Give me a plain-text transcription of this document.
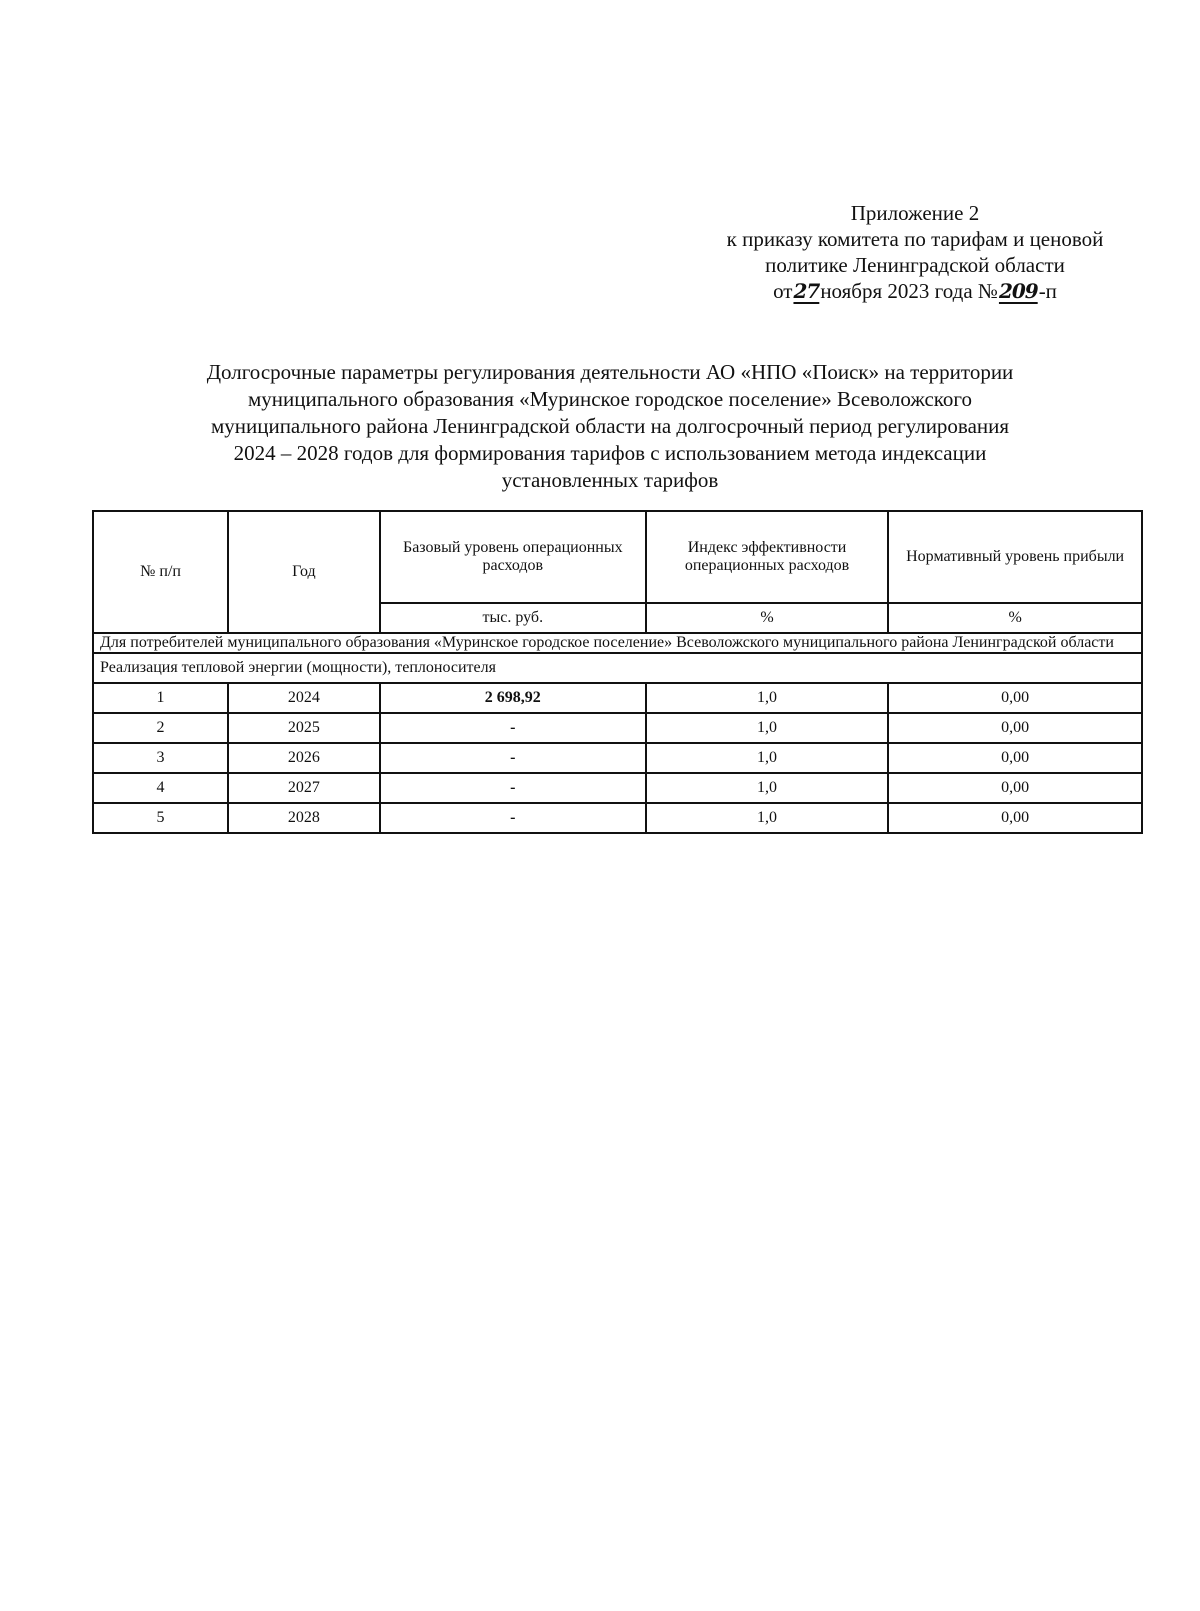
Приложение 2
к приказу комитета по тарифам и ценовой
политике Ленинградской области
от27ноября 2023 года №209-п
Долгосрочные параметры регулирования деятельности АО «НПО «Поиск» на территории
муниципального образования «Муринское городское поселение» Всеволожского
муниципального района Ленинградской области на долгосрочный период регулирования
2024 – 2028 годов для формирования тарифов с использованием метода индексации
установленных тарифов
№ п/п	Год	Базовый уровень операционных расходов	Индекс эффективности операционных расходов	Нормативный уровень прибыли
		тыс. руб.	%	%
Для потребителей муниципального образования «Муринское городское поселение» Всеволожского муниципального района Ленинградской области				
Реализация тепловой энергии (мощности), теплоносителя				
1	2024	2 698,92	1,0	0,00
2	2025	-	1,0	0,00
3	2026	-	1,0	0,00
4	2027	-	1,0	0,00
5	2028	-	1,0	0,00
